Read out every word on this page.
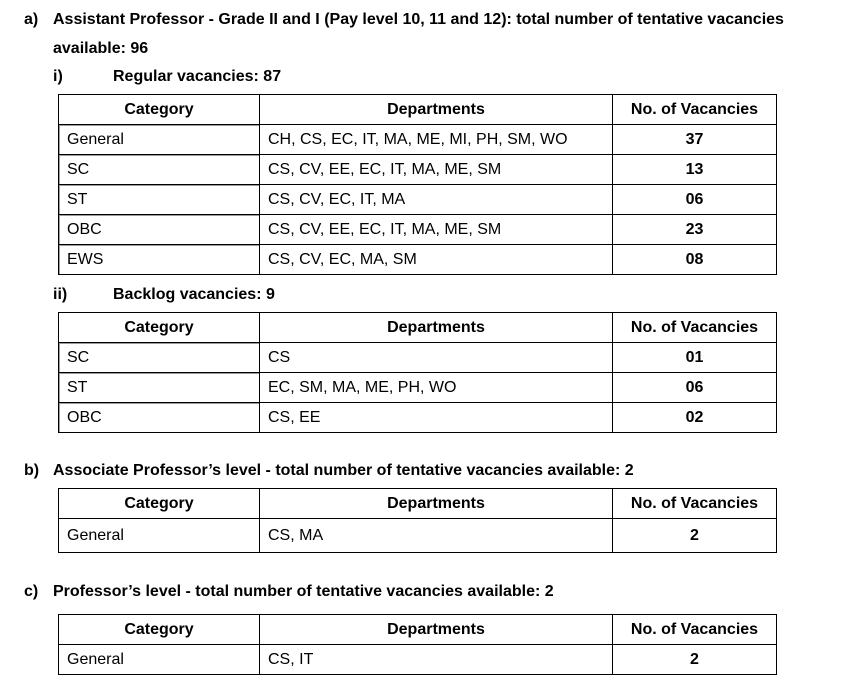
a) Assistant Professor - Grade II and I (Pay level 10, 11 and 12): total number of tentative vacancies
available: 96
i)	Regular vacancies: 87
Category	Departments	No. of Vacancies
General	CH, CS, EC, IT, MA, ME, MI, PH, SM, WO	37
SC	CS, CV, EE, EC, IT, MA, ME, SM	13
ST	CS, CV, EC, IT, MA	06
OBC	CS, CV, EE, EC, IT, MA, ME, SM	23
EWS	CS, CV, EC, MA, SM	08
ii)	Backlog vacancies: 9
Category	Departments	No. of Vacancies
SC	CS	01
ST	EC, SM, MA, ME, PH, WO	06
OBC	CS, EE	02
b) Associate Professor’s level - total number of tentative vacancies available: 2
Category	Departments	No. of Vacancies
General	CS, MA	2
c) Professor’s level - total number of tentative vacancies available: 2
Category	Departments	No. of Vacancies
General	CS, IT	2
